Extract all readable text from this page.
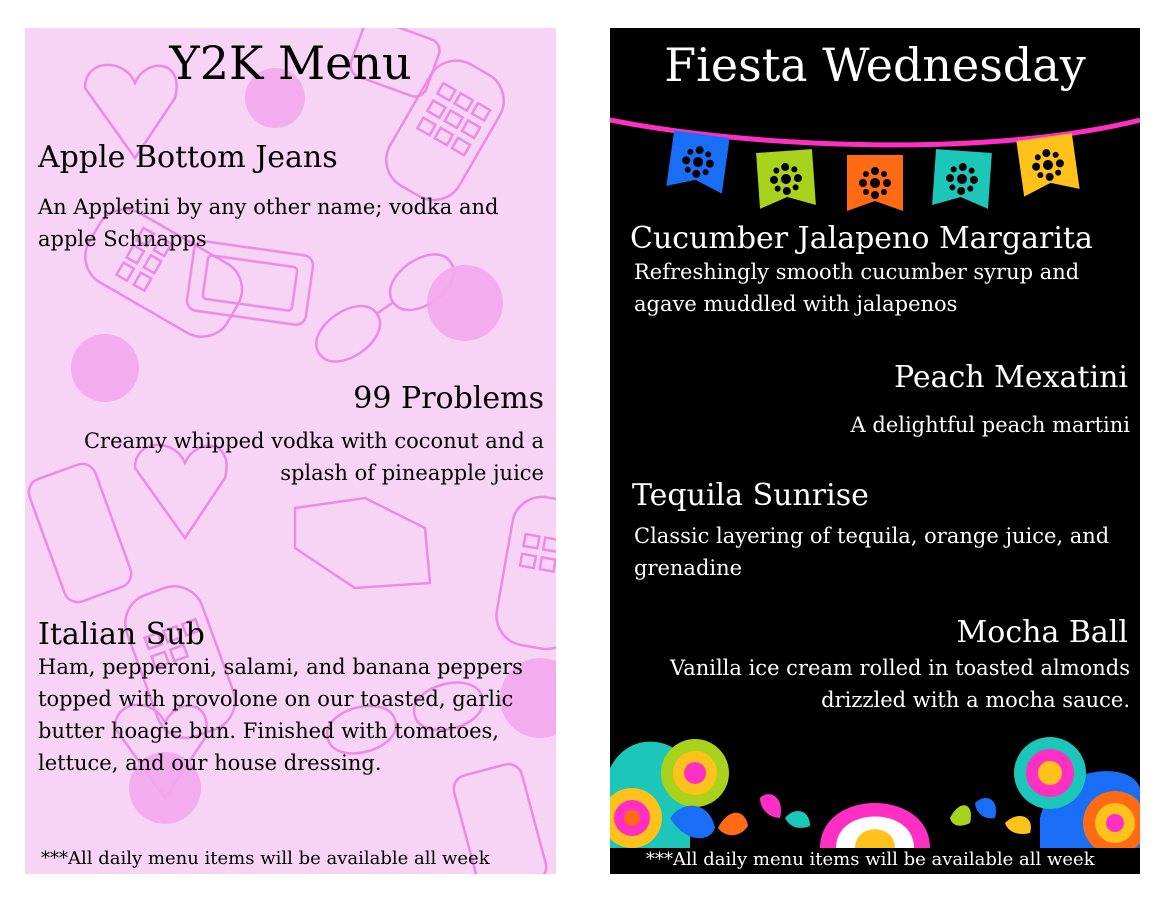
Y2K Menu
Apple Bottom Jeans
An Appletini by any other name; vodka and apple Schnapps
99 Problems
Creamy whipped vodka with coconut and a splash of pineapple juice
Italian Sub
Ham, pepperoni, salami, and banana peppers topped with provolone on our toasted, garlic butter hoagie bun. Finished with tomatoes, lettuce, and our house dressing.
***All daily menu items will be available all week
Fiesta Wednesday
Cucumber Jalapeno Margarita
Refreshingly smooth cucumber syrup and agave muddled with jalapenos
Peach Mexatini
A delightful peach martini
Tequila Sunrise
Classic layering of tequila, orange juice, and grenadine
Mocha Ball
Vanilla ice cream rolled in toasted almonds drizzled with a mocha sauce.
***All daily menu items will be available all week
